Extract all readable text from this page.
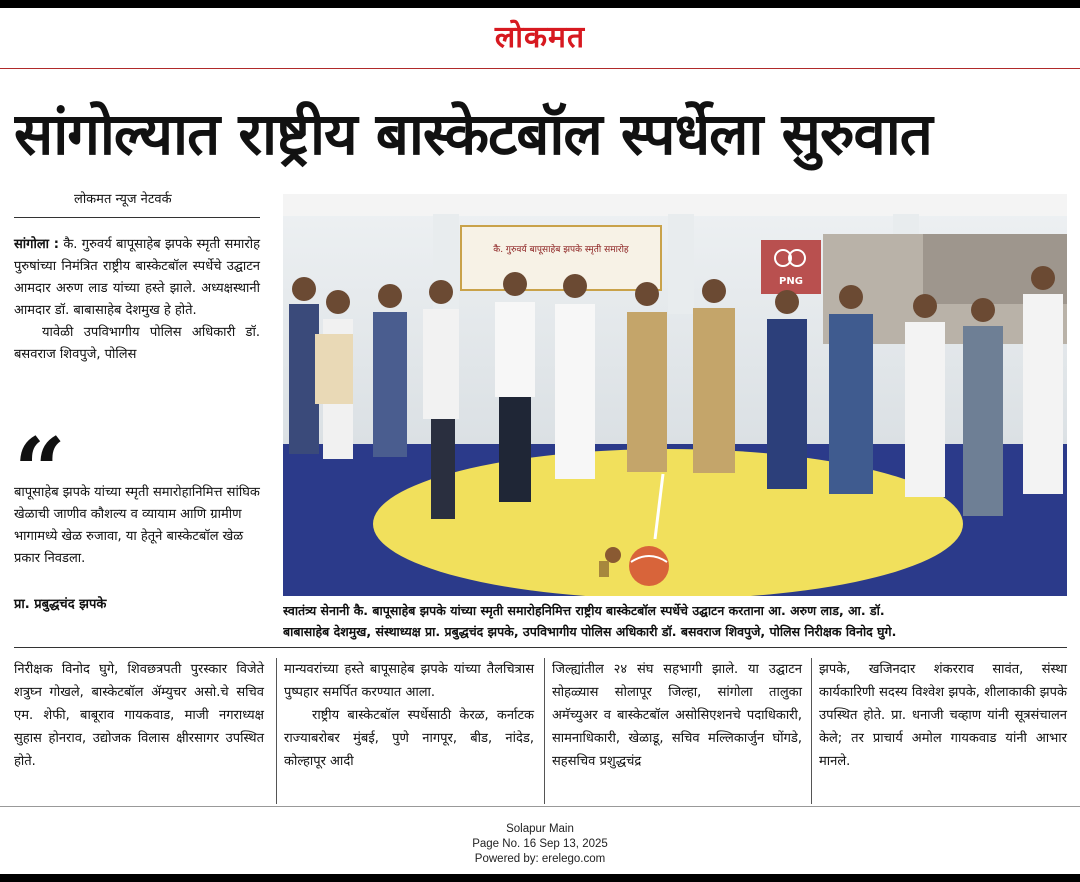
लोकमत
सांगोल्यात राष्ट्रीय बास्केटबॉल स्पर्धेला सुरुवात
लोकमत न्यूज नेटवर्क

सांगोला : कै. गुरुवर्य बापूसाहेब झपके स्मृती समारोह पुरुषांच्या निमंत्रित राष्ट्रीय बास्केटबॉल स्पर्धेचे उद्घाटन आमदार अरुण लाड यांच्या हस्ते झाले. अध्यक्षस्थानी आमदार डॉ. बाबासाहेब देशमुख हे होते.

यावेळी उपविभागीय पोलिस अधिकारी डॉ. बसवराज शिवपुजे, पोलिस

“
बापूसाहेब झपके यांच्या स्मृती समारोहानिमित्त सांघिक खेळाची जाणीव कौशल्य व व्यायाम आणि ग्रामीण भागामध्ये खेळ रुजावा, या हेतूने बास्केटबॉल खेळ प्रकार निवडला.
प्रा. प्रबुद्धचंद झपके
कै. गुरुवर्य बापूसाहेब झपके स्मृती समारोह
PNG
स्वातंत्र्य सेनानी कै. बापूसाहेब झपके यांच्या स्मृती समारोहनिमित्त राष्ट्रीय बास्केटबॉल स्पर्धेचे उद्घाटन करताना आ. अरुण लाड, आ. डॉ.
बाबासाहेब देशमुख, संस्थाध्यक्ष प्रा. प्रबुद्धचंद झपके, उपविभागीय पोलिस अधिकारी डॉ. बसवराज शिवपुजे, पोलिस निरीक्षक विनोद घुगे.

निरीक्षक विनोद घुगे, शिवछत्रपती पुरस्कार विजेते शत्रुघ्न गोखले, बास्केटबॉल ॲम्युचर असो.चे सचिव एम. शेफी, बाबूराव गायकवाड, माजी नगराध्यक्ष सुहास होनराव, उद्योजक विलास क्षीरसागर उपस्थित होते.

मान्यवरांच्या हस्ते बापूसाहेब झपके यांच्या तैलचित्रास पुष्पहार समर्पित करण्यात आला.

राष्ट्रीय बास्केटबॉल स्पर्धेसाठी केरळ, कर्नाटक राज्याबरोबर मुंबई, पुणे नागपूर, बीड, नांदेड, कोल्हापूर आदी

जिल्ह्यांतील २४ संघ सहभागी झाले. या उद्घाटन सोहळ्यास सोलापूर जिल्हा, सांगोला तालुका अमॅच्युअर व बास्केटबॉल असोसिएशनचे पदाधिकारी, सामनाधिकारी, खेळाडू, सचिव मल्लिकार्जुन घोंगडे, सहसचिव प्रशुद्धचंद्र

झपके, खजिनदार शंकरराव सावंत, संस्था कार्यकारिणी सदस्य विश्वेश झपके, शीलाकाकी झपके उपस्थित होते. प्रा. धनाजी चव्हाण यांनी सूत्रसंचालन केले; तर प्राचार्य अमोल गायकवाड यांनी आभार मानले.

Solapur Main
Page No. 16 Sep 13, 2025
Powered by: erelego.com
